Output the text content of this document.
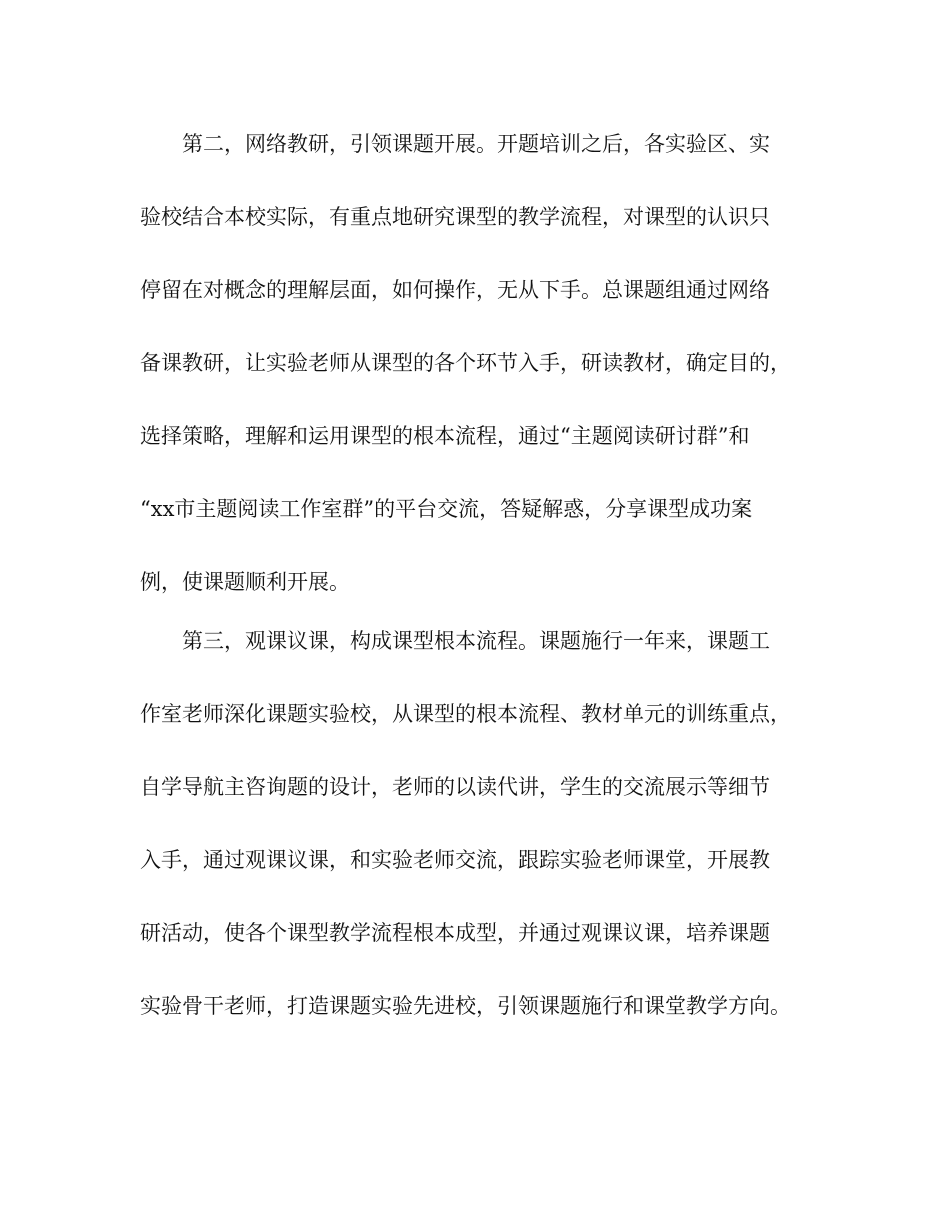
第二，网络教研，引领课题开展。开题培训之后，各实验区、实
验校结合本校实际，有重点地研究课型的教学流程，对课型的认识只
停留在对概念的理解层面，如何操作，无从下手。总课题组通过网络
备课教研，让实验老师从课型的各个环节入手，研读教材，确定目的，
选择策略，理解和运用课型的根本流程，通过“主题阅读研讨群”和
“xx市主题阅读工作室群”的平台交流，答疑解惑，分享课型成功案
例，使课题顺利开展。
第三，观课议课，构成课型根本流程。课题施行一年来，课题工
作室老师深化课题实验校，从课型的根本流程、教材单元的训练重点，
自学导航主咨询题的设计，老师的以读代讲，学生的交流展示等细节
入手，通过观课议课，和实验老师交流，跟踪实验老师课堂，开展教
研活动，使各个课型教学流程根本成型，并通过观课议课，培养课题
实验骨干老师，打造课题实验先进校，引领课题施行和课堂教学方向。
